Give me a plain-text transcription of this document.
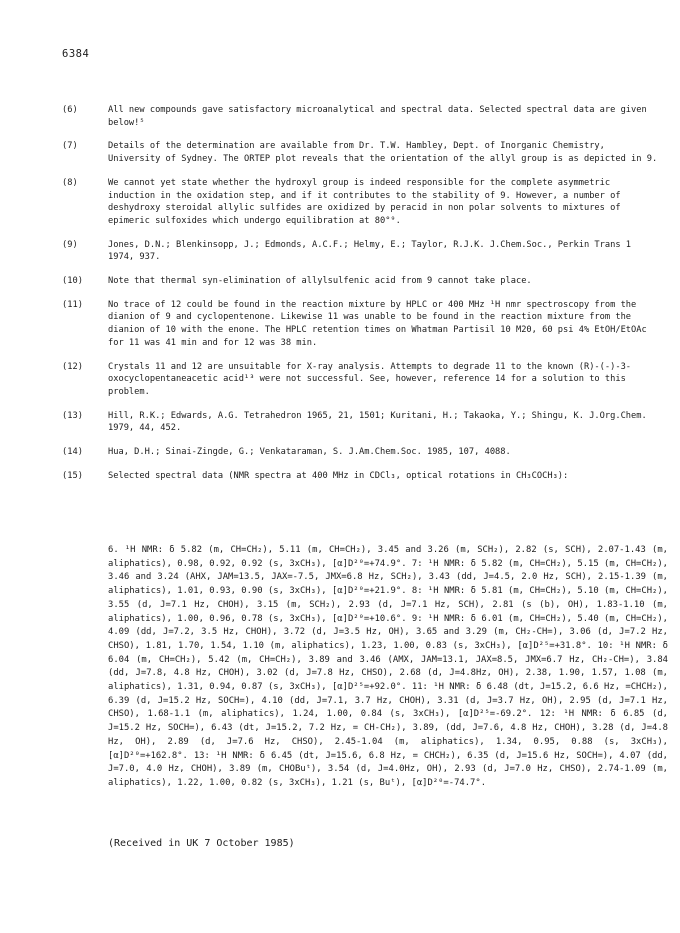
6384
(6)	All new compounds gave satisfactory microanalytical and spectral data. Selected spectral data are given below!⁵
(7)	Details of the determination are available from Dr. T.W. Hambley, Dept. of Inorganic Chemistry, University of Sydney. The ORTEP plot reveals that the orientation of the allyl group is as depicted in 9.
(8)	We cannot yet state whether the hydroxyl group is indeed responsible for the complete asymmetric induction in the oxidation step, and if it contributes to the stability of 9. However, a number of deshydroxy steroidal allylic sulfides are oxidized by peracid in non polar solvents to mixtures of epimeric sulfoxides which undergo equilibration at 80°⁹.
(9)	Jones, D.N.; Blenkinsopp, J.; Edmonds, A.C.F.; Helmy, E.; Taylor, R.J.K. J.Chem.Soc., Perkin Trans 1 1974, 937.
(10)	Note that thermal syn-elimination of allylsulfenic acid from 9 cannot take place.
(11)	No trace of 12 could be found in the reaction mixture by HPLC or 400 MHz ¹H nmr spectroscopy from the dianion of 9 and cyclopentenone. Likewise 11 was unable to be found in the reaction mixture from the dianion of 10 with the enone. The HPLC retention times on Whatman Partisil 10 M20, 60 psi 4% EtOH/EtOAc for 11 was 41 min and for 12 was 38 min.
(12)	Crystals 11 and 12 are unsuitable for X-ray analysis. Attempts to degrade 11 to the known (R)-(-)-3-oxocyclopentaneacetic acid¹³ were not successful. See, however, reference 14 for a solution to this problem.
(13)	Hill, R.K.; Edwards, A.G. Tetrahedron 1965, 21, 1501; Kuritani, H.; Takaoka, Y.; Shingu, K. J.Org.Chem. 1979, 44, 452.
(14)	Hua, D.H.; Sinai-Zingde, G.; Venkataraman, S. J.Am.Chem.Soc. 1985, 107, 4088.
(15)	Selected spectral data (NMR spectra at 400 MHz in CDCl₃, optical rotations in CH₃COCH₃):
6. ¹H NMR: δ 5.82 (m, CH=CH₂), 5.11 (m, CH=CH₂), 3.45 and 3.26 (m, SCH₂), 2.82 (s, SCH), 2.07-1.43 (m, aliphatics), 0.98, 0.92, 0.92 (s, 3xCH₃), [α]D²⁰=+74.9°. 7: ¹H NMR: δ 5.82 (m, CH=CH₂), 5.15 (m, CH=CH₂), 3.46 and 3.24 (AHX, JAM=13.5, JAX=-7.5, JMX=6.8 Hz, SCH₂), 3.43 (dd, J=4.5, 2.0 Hz, SCH), 2.15-1.39 (m, aliphatics), 1.01, 0.93, 0.90 (s, 3xCH₃), [α]D²⁰=+21.9°. 8: ¹H NMR: δ 5.81 (m, CH=CH₂), 5.10 (m, CH=CH₂), 3.55 (d, J=7.1 Hz, CHOH), 3.15 (m, SCH₂), 2.93 (d, J=7.1 Hz, SCH), 2.81 (s (b), OH), 1.83-1.10 (m, aliphatics), 1.00, 0.96, 0.78 (s, 3xCH₃), [α]D²⁰=+10.6°. 9: ¹H NMR: δ 6.01 (m, CH=CH₂), 5.40 (m, CH=CH₂), 4.09 (dd, J=7.2, 3.5 Hz, CHOH), 3.72 (d, J=3.5 Hz, OH), 3.65 and 3.29 (m, CH₂-CH=), 3.06 (d, J=7.2 Hz, CHSO), 1.81, 1.70, 1.54, 1.10 (m, aliphatics), 1.23, 1.00, 0.83 (s, 3xCH₃), [α]D²⁵=+31.8°. 10: ¹H NMR: δ 6.04 (m, CH=CH₂), 5.42 (m, CH=CH₂), 3.89 and 3.46 (AMX, JAM=13.1, JAX=8.5, JMX=6.7 Hz, CH₂-CH=), 3.84 (dd, J=7.8, 4.8 Hz, CHOH), 3.02 (d, J=7.8 Hz, CHSO), 2.68 (d, J=4.8Hz, OH), 2.38, 1.90, 1.57, 1.08 (m, aliphatics), 1.31, 0.94, 0.87 (s, 3xCH₃), [α]D²⁵=+92.0°. 11: ¹H NMR: δ 6.48 (dt, J=15.2, 6.6 Hz, =CHCH₂), 6.39 (d, J=15.2 Hz, SOCH=), 4.10 (dd, J=7.1, 3.7 Hz, CHOH), 3.31 (d, J=3.7 Hz, OH), 2.95 (d, J=7.1 Hz, CHSO), 1.68-1.1 (m, aliphatics), 1.24, 1.00, 0.84 (s, 3xCH₃), [α]D²⁵=-69.2°. 12: ¹H NMR: δ 6.85 (d, J=15.2 Hz, SOCH=), 6.43 (dt, J=15.2, 7.2 Hz, = CH-CH₂), 3.89, (dd, J=7.6, 4.8 Hz, CHOH), 3.28 (d, J=4.8 Hz, OH), 2.89 (d, J=7.6 Hz, CHSO), 2.45-1.04 (m, aliphatics), 1.34, 0.95, 0.88 (s, 3xCH₃), [α]D²⁰=+162.8°. 13: ¹H NMR: δ 6.45 (dt, J=15.6, 6.8 Hz, = CHCH₂), 6.35 (d, J=15.6 Hz, SOCH=), 4.07 (dd, J=7.0, 4.0 Hz, CHOH), 3.89 (m, CHOBuᵗ), 3.54 (d, J=4.0Hz, OH), 2.93 (d, J=7.0 Hz, CHSO), 2.74-1.09 (m, aliphatics), 1.22, 1.00, 0.82 (s, 3xCH₃), 1.21 (s, Buᵗ), [α]D²⁰=-74.7°.
(Received in UK 7 October 1985)
